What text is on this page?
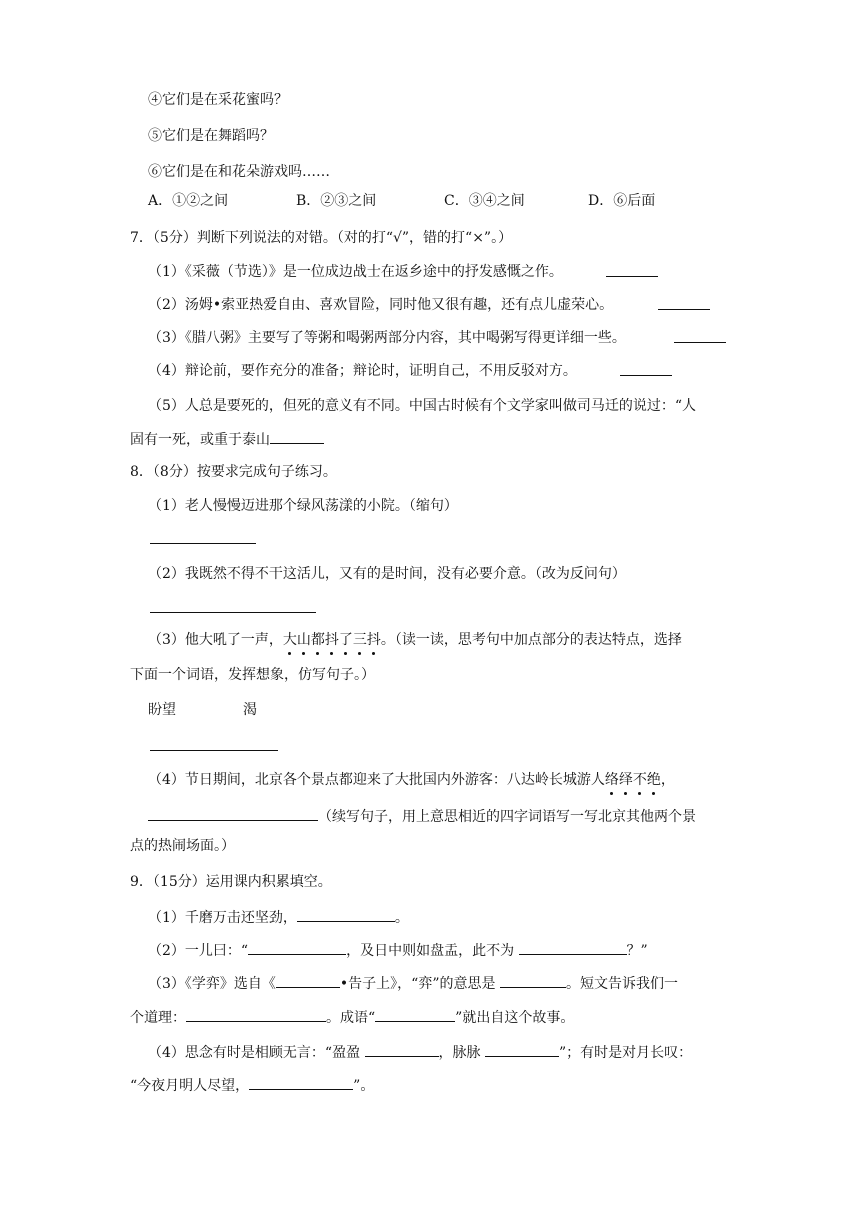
④它们是在采花蜜吗？
⑤它们是在舞蹈吗？
⑥它们是在和花朵游戏吗……
A．①②之间	B．②③之间	C．③④之间	D．⑥后面
7．（5分）判断下列说法的对错。（对的打“√”，错的打“×”。）
（1）《采薇（节选）》是一位成边战士在返乡途中的抒发感慨之作。
（2）汤姆•索亚热爱自由、喜欢冒险，同时他又很有趣，还有点儿虚荣心。
（3）《腊八粥》主要写了等粥和喝粥两部分内容，其中喝粥写得更详细一些。
（4）辩论前，要作充分的准备；辩论时，证明自己，不用反驳对方。
（5）人总是要死的，但死的意义有不同。中国古时候有个文学家叫做司马迁的说过：“人
固有一死，或重于泰山
8．（8分）按要求完成句子练习。
（1）老人慢慢迈进那个绿风荡漾的小院。（缩句）
（2）我既然不得不干这活儿，又有的是时间，没有必要介意。（改为反问句）
（3）他大吼了一声，大山都抖了三抖。（读一读，思考句中加点部分的表达特点，选择
下面一个词语，发挥想象，仿写句子。）
盼望	渴
（4）节日期间，北京各个景点都迎来了大批国内外游客：八达岭长城游人络绎不绝，
（续写句子，用上意思相近的四字词语写一写北京其他两个景
点的热闹场面。）
9．（15分）运用课内积累填空。
（1）千磨万击还坚劲，	。
（2）一儿曰：“	，及日中则如盘盂，此不为	？”
（3）《学弈》选自《	•告子上》，“弈”的意思是	。短文告诉我们一
个道理：	。成语“	”就出自这个故事。
（4）思念有时是相顾无言：“盈盈	，脉脉	”；有时是对月长叹：
“今夜月明人尽望，	”。
